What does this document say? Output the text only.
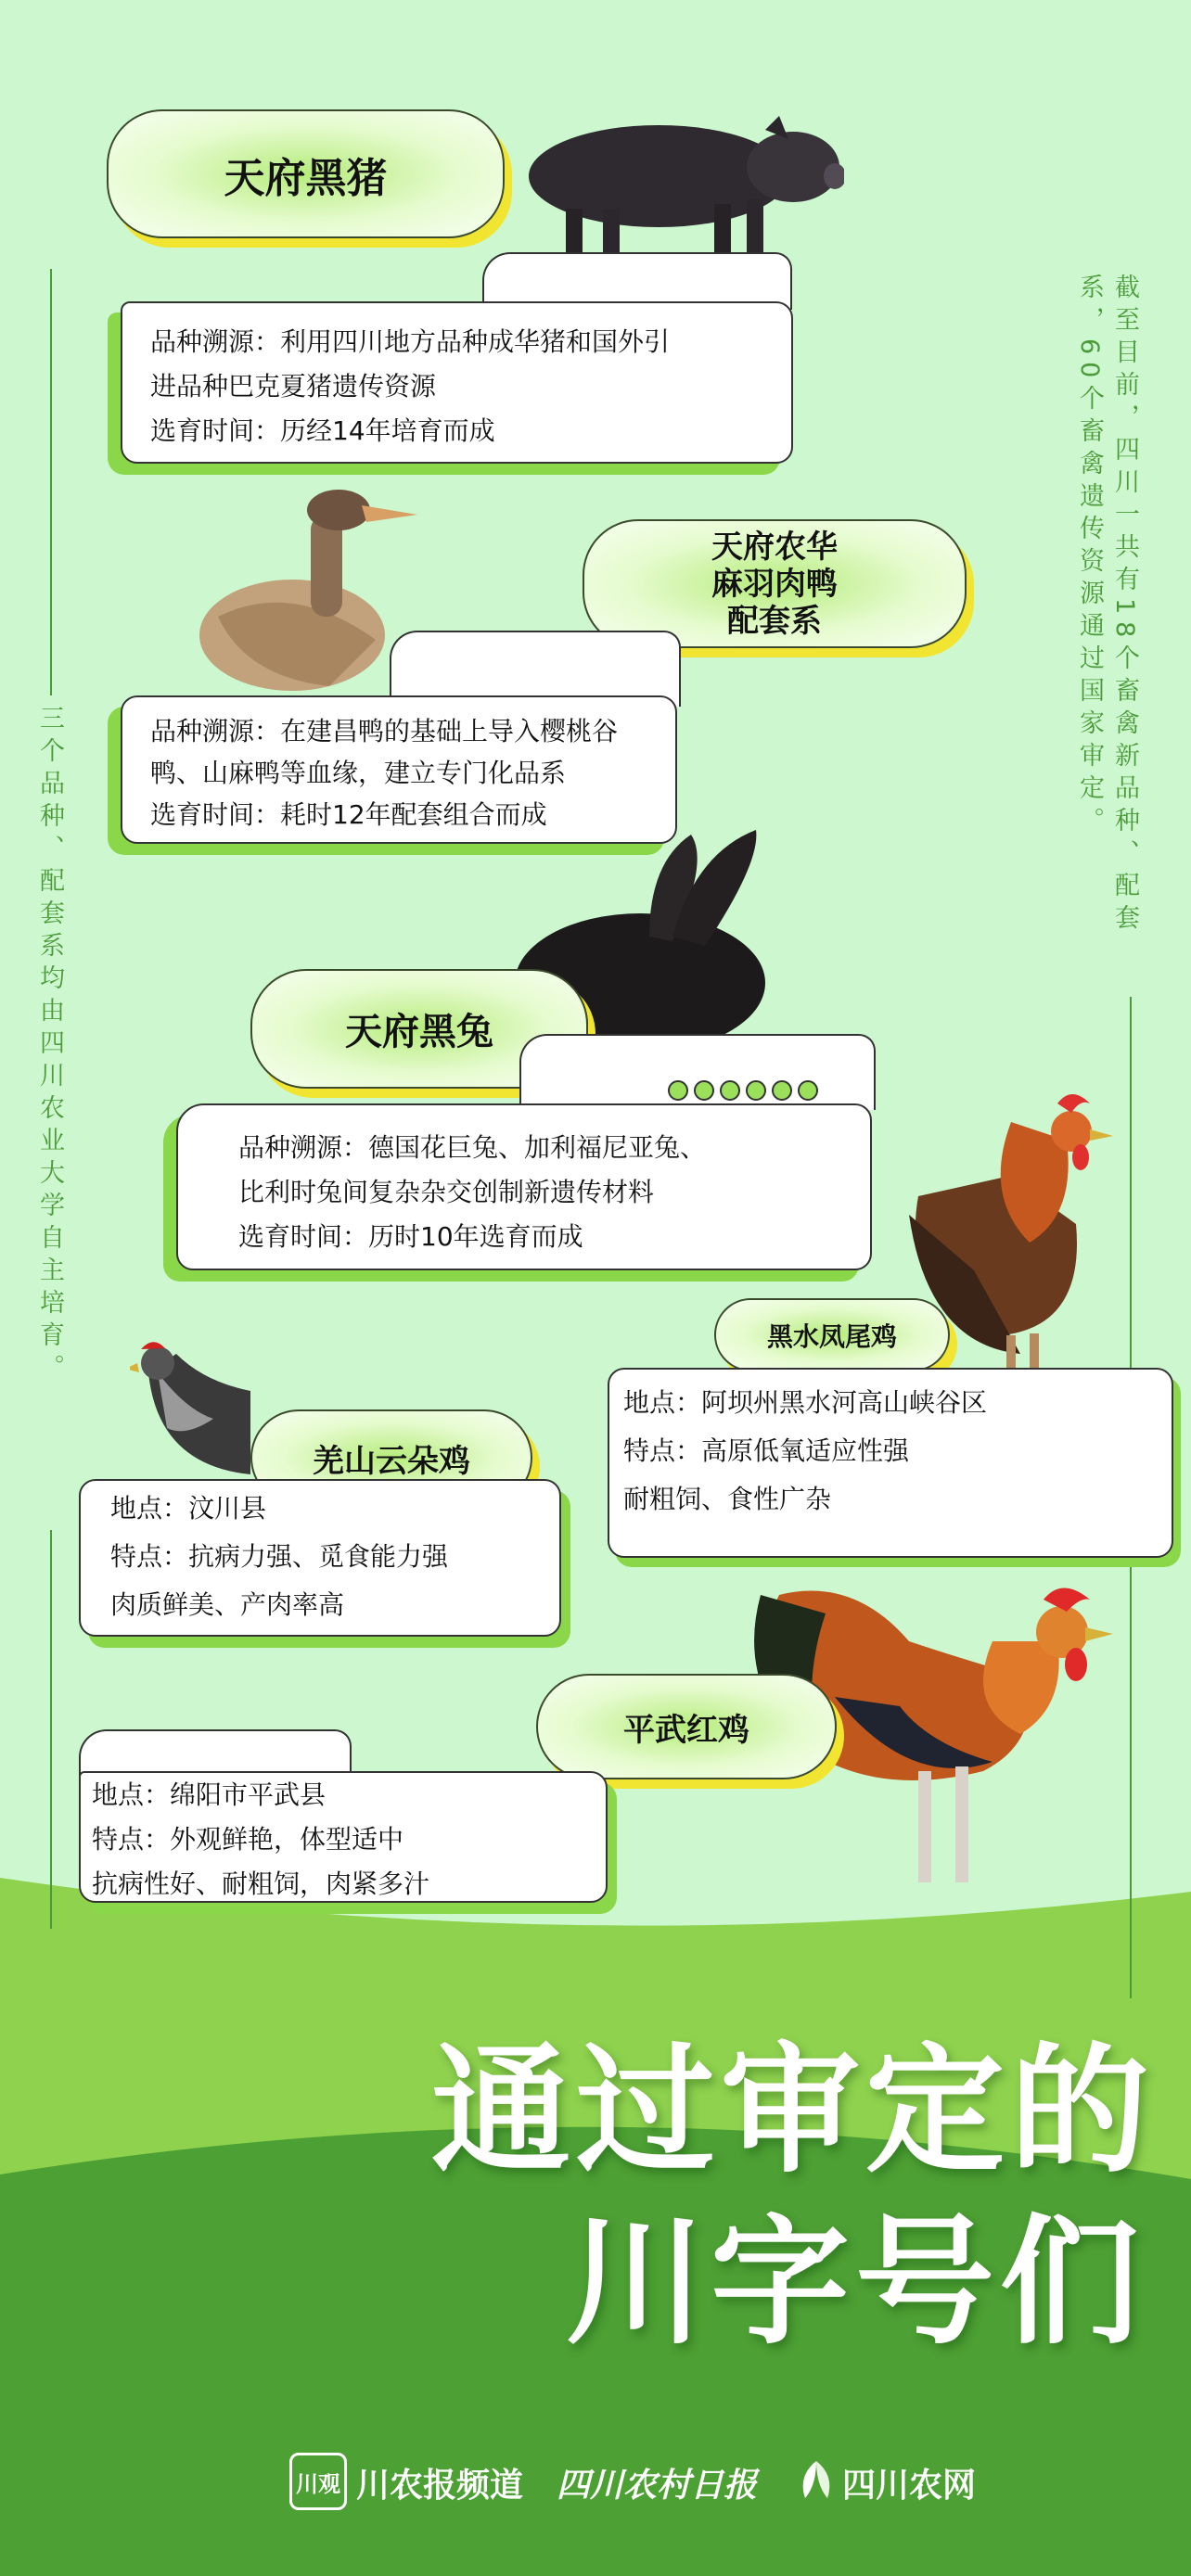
三个品种、配套系均由四川农业大学自主培育。
截至目前，四川一共有18个畜禽新品种、配套系，60个畜禽遗传资源通过国家审定。
天府黑猪
品种溯源：利用四川地方品种成华猪和国外引
进品种巴克夏猪遗传资源
选育时间：历经14年培育而成
天府农华
麻羽肉鸭
配套系
品种溯源：在建昌鸭的基础上导入樱桃谷
鸭、山麻鸭等血缘，建立专门化品系
选育时间：耗时12年配套组合而成
天府黑兔
品种溯源：德国花巨兔、加利福尼亚兔、
比利时兔间复杂杂交创制新遗传材料
选育时间：历时10年选育而成
黑水凤尾鸡
地点：阿坝州黑水河高山峡谷区
特点：高原低氧适应性强
耐粗饲、食性广杂
羌山云朵鸡
地点：汶川县
特点：抗病力强、觅食能力强
肉质鲜美、产肉率高
平武红鸡
地点：绵阳市平武县
特点：外观鲜艳，体型适中
抗病性好、耐粗饲，肉紧多汁
通过审定的
川字号们
川观 川农报频道 四川农村日报	四川农网
